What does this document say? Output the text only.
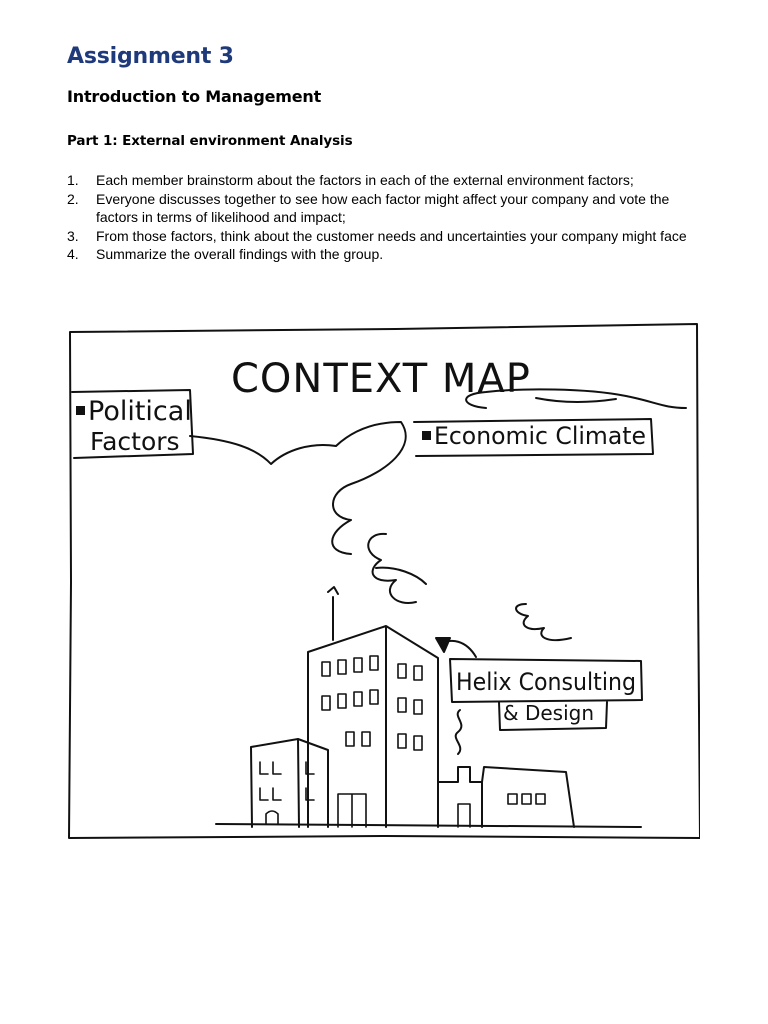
Assignment 3
Introduction to Management
Part 1: External environment Analysis
1. Each member brainstorm about the factors in each of the external environment factors;
2. Everyone discusses together to see how each factor might affect your company and vote the factors in terms of likelihood and impact;
3. From those factors, think about the customer needs and uncertainties your company might face
4. Summarize the overall findings with the group.
CONTEXT MAP
Political
Factors	Economic Climate
Helix Consulting
& Design
